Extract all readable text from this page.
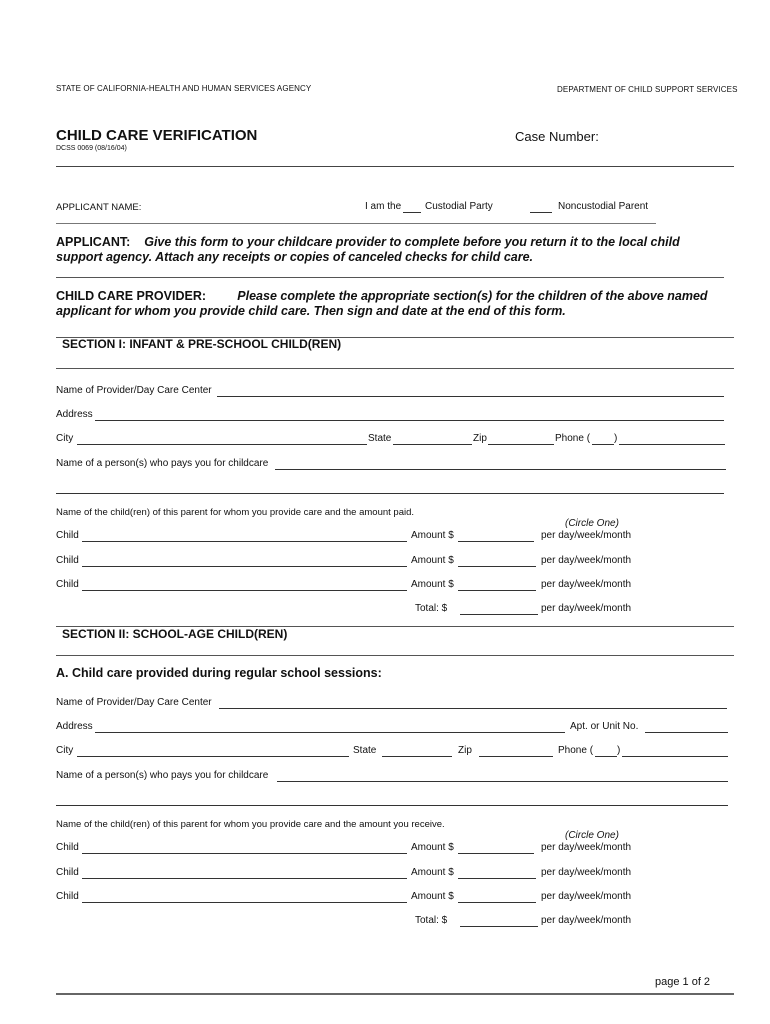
STATE OF CALIFORNIA-HEALTH AND HUMAN SERVICES AGENCY	DEPARTMENT OF CHILD SUPPORT SERVICES
CHILD CARE VERIFICATION
DCSS 0069 (08/16/04)
Case Number:
APPLICANT NAME:	I am the Custodial Party	Noncustodial Parent
APPLICANT: Give this form to your childcare provider to complete before you return it to the local child
support agency. Attach any receipts or copies of canceled checks for child care.
CHILD CARE PROVIDER:	Please complete the appropriate section(s) for the children of the above named
applicant for whom you provide child care. Then sign and date at the end of this form.
SECTION I: INFANT & PRE-SCHOOL CHILD(REN)
Name of Provider/Day Care Center
Address
City	State	Zip	Phone ( )
Name of a person(s) who pays you for childcare
Name of the child(ren) of this parent for whom you provide care and the amount paid.
(Circle One)
Child	Amount $	per day/week/month
Child	Amount $	per day/week/month
Child	Amount $	per day/week/month
Total: $	per day/week/month
SECTION II: SCHOOL-AGE CHILD(REN)
A. Child care provided during regular school sessions:
Name of Provider/Day Care Center
Address	Apt. or Unit No.
City	State	Zip	Phone ( )
Name of a person(s) who pays you for childcare
Name of the child(ren) of this parent for whom you provide care and the amount you receive.
(Circle One)
Child	Amount $	per day/week/month
Child	Amount $	per day/week/month
Child	Amount $	per day/week/month
Total: $	per day/week/month
page 1 of 2
